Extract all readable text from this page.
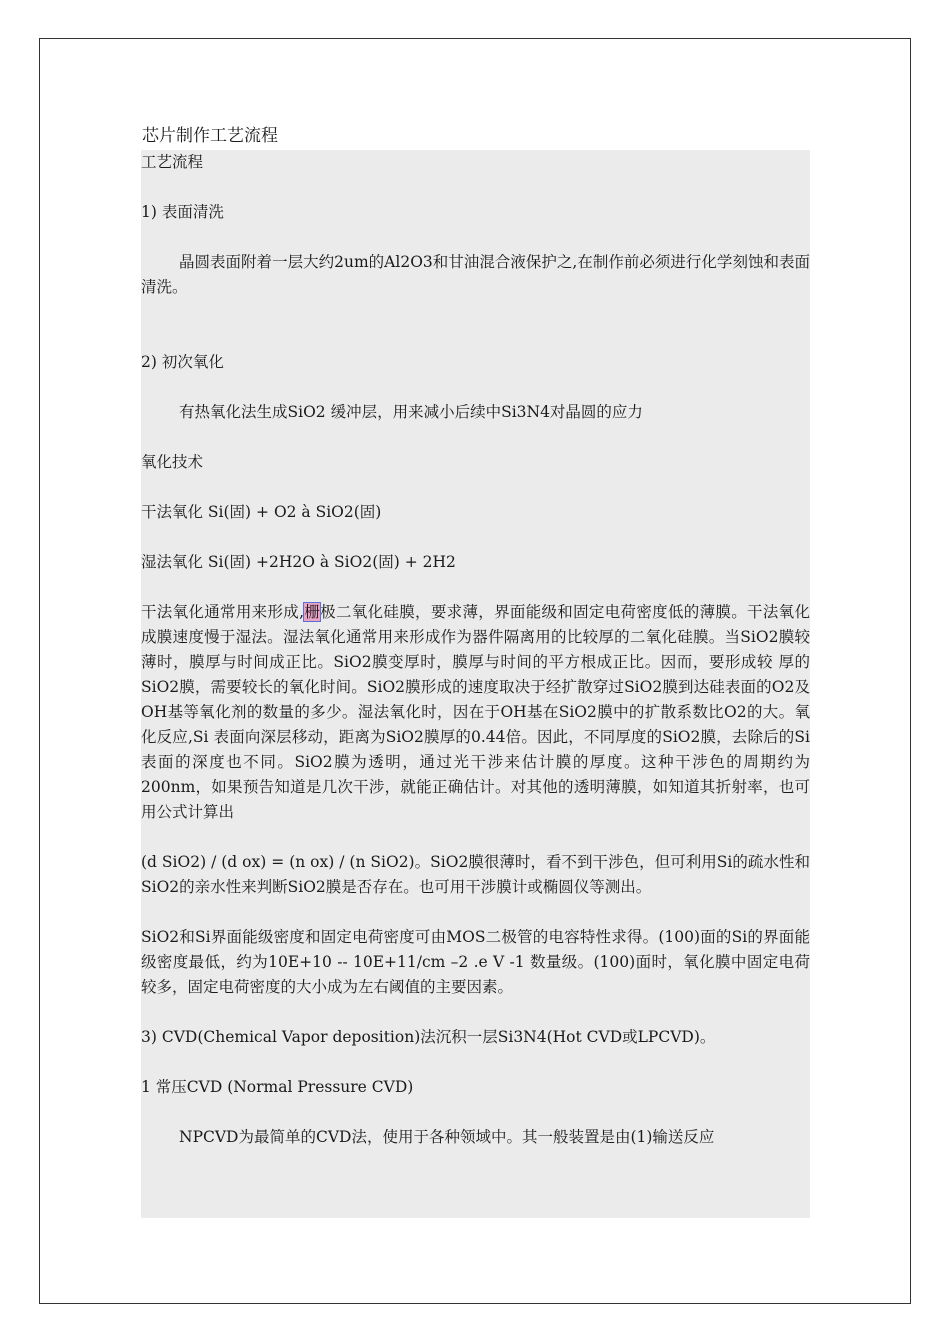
芯片制作工艺流程

工艺流程

1) 表面清洗

晶圆表面附着一层大约2um的Al2O3和甘油混合液保护之,在制作前必须进行化学刻蚀和表面清洗。

2) 初次氧化

有热氧化法生成SiO2 缓冲层，用来减小后续中Si3N4对晶圆的应力

氧化技术

干法氧化 Si(固) + O2 à SiO2(固)

湿法氧化 Si(固) +2H2O à SiO2(固) + 2H2

干法氧化通常用来形成,栅极二氧化硅膜，要求薄，界面能级和固定电荷密度低的薄膜。干法氧化成膜速度慢于湿法。湿法氧化通常用来形成作为器件隔离用的比较厚的二氧化硅膜。当SiO2膜较薄时，膜厚与时间成正比。SiO2膜变厚时，膜厚与时间的平方根成正比。因而，要形成较 厚的SiO2膜，需要较长的氧化时间。SiO2膜形成的速度取决于经扩散穿过SiO2膜到达硅表面的O2及OH基等氧化剂的数量的多少。湿法氧化时，因在于OH基在SiO2膜中的扩散系数比O2的大。氧化反应,Si 表面向深层移动，距离为SiO2膜厚的0.44倍。因此，不同厚度的SiO2膜，去除后的Si表面的深度也不同。SiO2膜为透明，通过光干涉来估计膜的厚度。这种干涉色的周期约为200nm，如果预告知道是几次干涉，就能正确估计。对其他的透明薄膜，如知道其折射率，也可用公式计算出

(d SiO2) / (d ox) = (n ox) / (n SiO2)。SiO2膜很薄时，看不到干涉色，但可利用Si的疏水性和SiO2的亲水性来判断SiO2膜是否存在。也可用干涉膜计或椭圆仪等测出。

SiO2和Si界面能级密度和固定电荷密度可由MOS二极管的电容特性求得。(100)面的Si的界面能级密度最低，约为10E+10 -- 10E+11/cm –2 .e V -1 数量级。(100)面时，氧化膜中固定电荷较多，固定电荷密度的大小成为左右阈值的主要因素。

3) CVD(Chemical Vapor deposition)法沉积一层Si3N4(Hot CVD或LPCVD)。

1 常压CVD (Normal Pressure CVD)

NPCVD为最简单的CVD法，使用于各种领域中。其一般装置是由(1)输送反应
